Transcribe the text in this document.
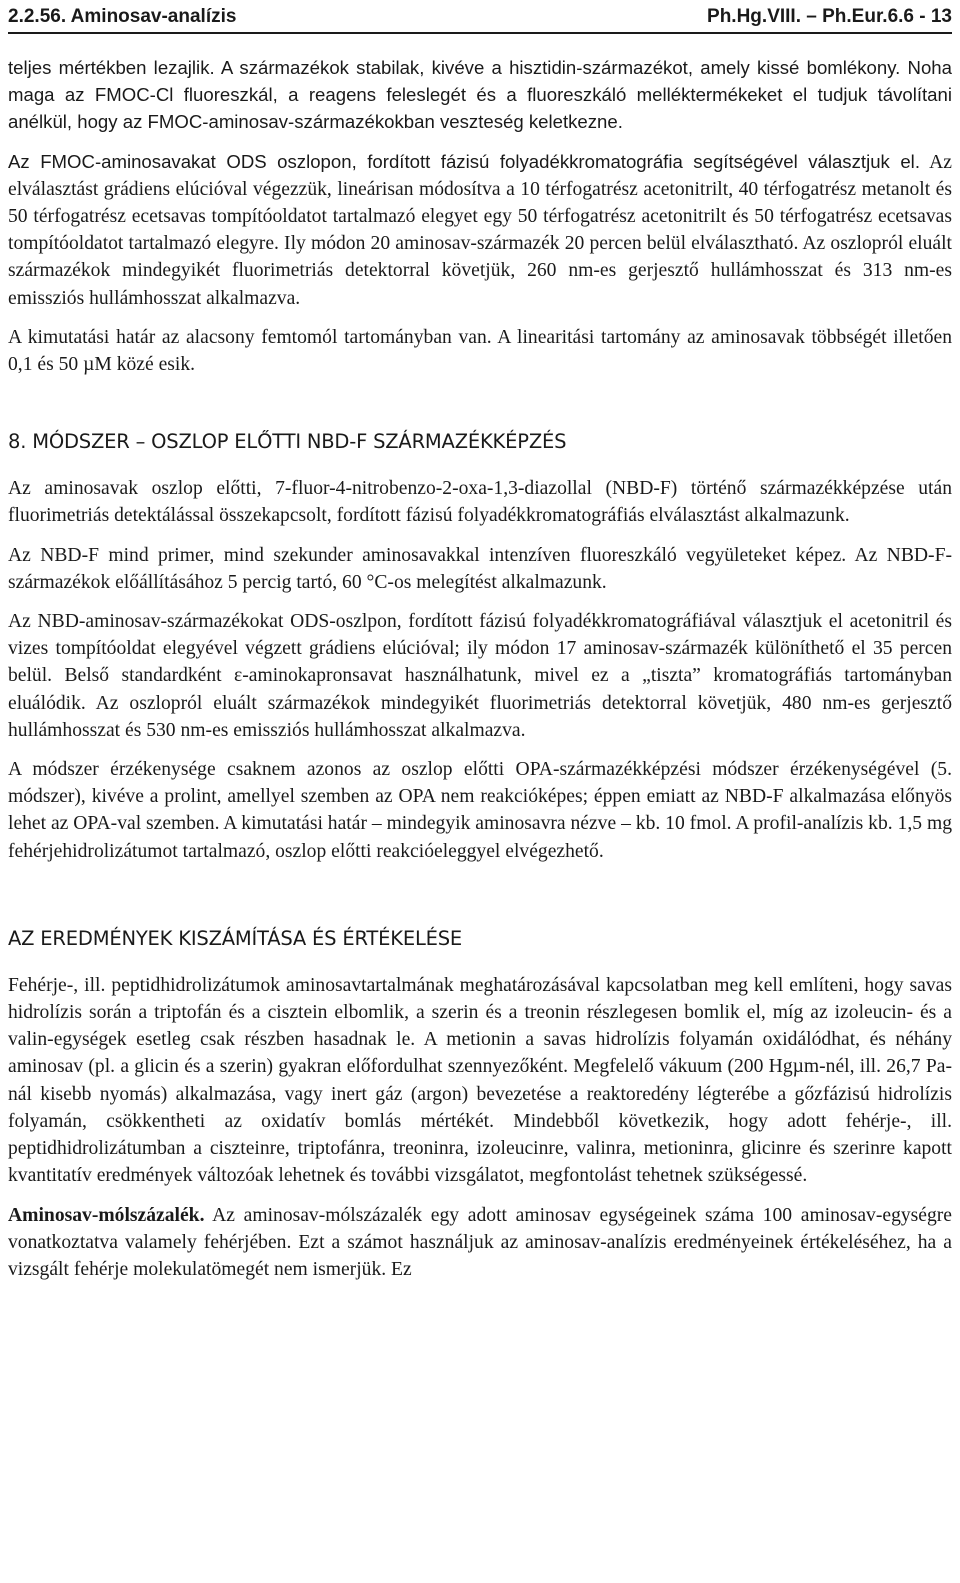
2.2.56. Aminosav-analízis	Ph.Hg.VIII. – Ph.Eur.6.6 - 13

teljes mértékben lezajlik. A származékok stabilak, kivéve a hisztidin-származékot, amely kissé bomlékony. Noha maga az FMOC-Cl fluoreszkál, a reagens feleslegét és a fluoreszkáló melléktermékeket el tudjuk távolítani anélkül, hogy az FMOC-aminosav-származékokban veszteség keletkezne.

Az FMOC-aminosavakat ODS oszlopon, fordított fázisú folyadékkromatográfia segítségével választjuk el. Az elválasztást grádiens elúcióval végezzük, lineárisan módosítva a 10 térfogatrész acetonitrilt, 40 térfogatrész metanolt és 50 térfogatrész ecetsavas tompítóoldatot tartalmazó elegyet egy 50 térfogatrész acetonitrilt és 50 térfogatrész ecetsavas tompítóoldatot tartalmazó elegyre. Ily módon 20 aminosav-származék 20 percen belül elválasztható. Az oszlopról eluált származékok mindegyikét fluorimetriás detektorral követjük, 260 nm-es gerjesztő hullámhosszat és 313 nm-es emissziós hullámhosszat alkalmazva.

A kimutatási határ az alacsony femtomól tartományban van. A linearitási tartomány az aminosavak többségét illetően 0,1 és 50 µM közé esik.

8. MÓDSZER – OSZLOP ELŐTTI NBD-F SZÁRMAZÉKKÉPZÉS

Az aminosavak oszlop előtti, 7-fluor-4-nitrobenzo-2-oxa-1,3-diazollal (NBD-F) történő származékképzése után fluorimetriás detektálással összekapcsolt, fordított fázisú folyadékkromatográfiás elválasztást alkalmazunk.

Az NBD-F mind primer, mind szekunder aminosavakkal intenzíven fluoreszkáló vegyületeket képez. Az NBD-F-származékok előállításához 5 percig tartó, 60 °C-os melegítést alkalmazunk.

Az NBD-aminosav-származékokat ODS-oszlpon, fordított fázisú folyadékkromatográfiával választjuk el acetonitril és vizes tompítóoldat elegyével végzett grádiens elúcióval; ily módon 17 aminosav-származék különíthető el 35 percen belül. Belső standardként ε-aminokapronsavat használhatunk, mivel ez a „tiszta” kromatográfiás tartományban eluálódik. Az oszlopról eluált származékok mindegyikét fluorimetriás detektorral követjük, 480 nm-es gerjesztő hullámhosszat és 530 nm-es emissziós hullámhosszat alkalmazva.

A módszer érzékenysége csaknem azonos az oszlop előtti OPA-származékképzési módszer érzékenységével (5. módszer), kivéve a prolint, amellyel szemben az OPA nem reakcióképes; éppen emiatt az NBD-F alkalmazása előnyös lehet az OPA-val szemben. A kimutatási határ – mindegyik aminosavra nézve – kb. 10 fmol. A profil-analízis kb. 1,5 mg fehérjehidrolizátumot tartalmazó, oszlop előtti reakcióeleggyel elvégezhető.

AZ EREDMÉNYEK KISZÁMÍTÁSA ÉS ÉRTÉKELÉSE

Fehérje-, ill. peptidhidrolizátumok aminosavtartalmának meghatározásával kapcsolatban meg kell említeni, hogy savas hidrolízis során a triptofán és a cisztein elbomlik, a szerin és a treonin részlegesen bomlik el, míg az izoleucin- és a valin-egységek esetleg csak részben hasadnak le. A metionin a savas hidrolízis folyamán oxidálódhat, és néhány aminosav (pl. a glicin és a szerin) gyakran előfordulhat szennyezőként. Megfelelő vákuum (200 Hgµm-nél, ill. 26,7 Pa-nál kisebb nyomás) alkalmazása, vagy inert gáz (argon) bevezetése a reaktoredény légterébe a gőzfázisú hidrolízis folyamán, csökkentheti az oxidatív bomlás mértékét. Mindebből következik, hogy adott fehérje-, ill. peptidhidrolizátumban a ciszteinre, triptofánra, treoninra, izoleucinre, valinra, metioninra, glicinre és szerinre kapott kvantitatív eredmények változóak lehetnek és további vizsgálatot, megfontolást tehetnek szükségessé.

Aminosav-mólszázalék. Az aminosav-mólszázalék egy adott aminosav egységeinek száma 100 aminosav-egységre vonatkoztatva valamely fehérjében. Ezt a számot használjuk az aminosav-analízis eredményeinek értékeléséhez, ha a vizsgált fehérje molekulatömegét nem ismerjük. Ez
